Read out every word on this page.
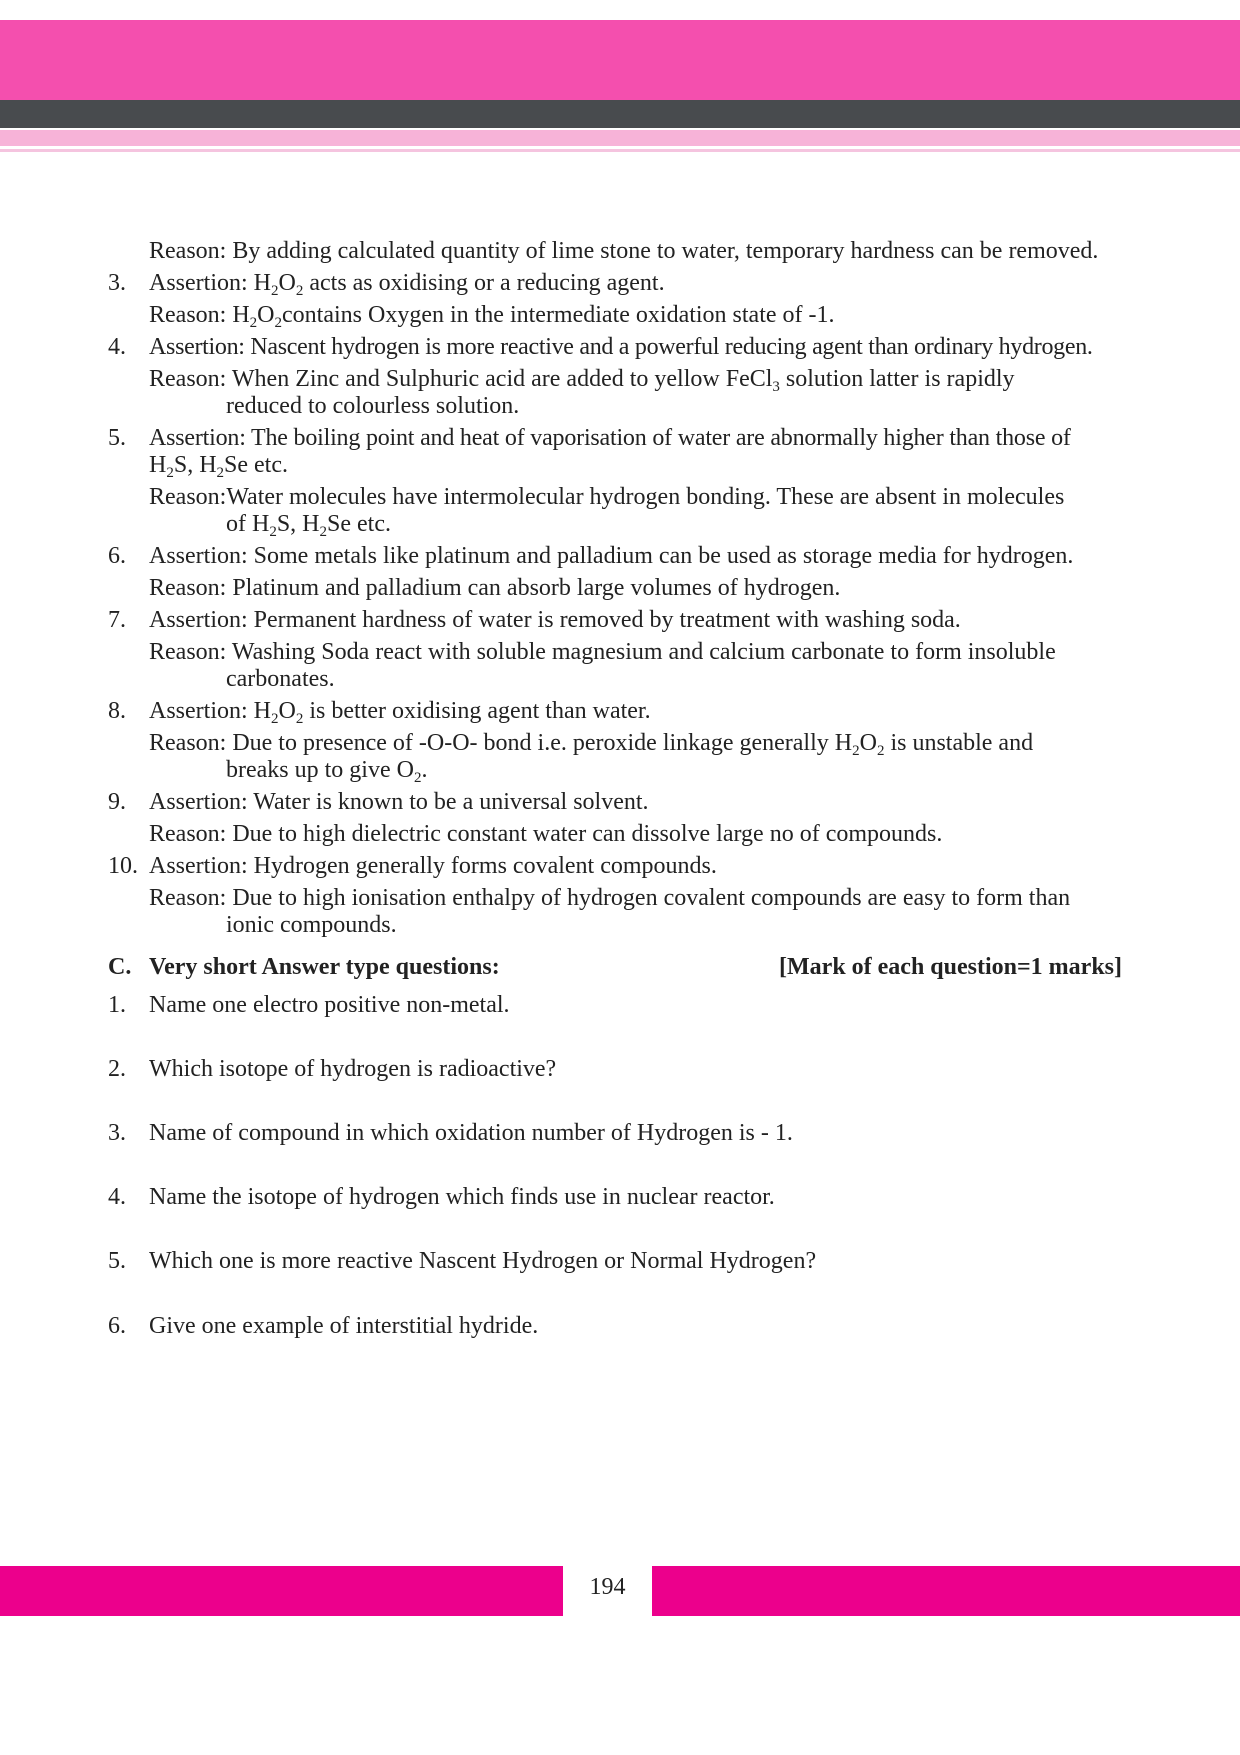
Reason: By adding calculated quantity of lime stone to water, temporary hardness can be removed.
3. Assertion: $H_2O_2$ acts as oxidising or a reducing agent.
Reason: $H_2O_2contains$ Oxygen in the intermediate oxidation state of -1.
4. Assertion: Nascent hydrogen is more reactive and a powerful reducing agent than ordinary hydrogen.
Reason: When Zinc and Sulphuric acid are added to yellow FeCl$_3$ solution latter is rapidly
reduced to colourless solution.
5. Assertion: The boiling point and heat of vaporisation of water are abnormally higher than those of
$H_2S$, $H_2Se$ etc.
Reason:Water molecules have intermolecular hydrogen bonding. These are absent in molecules
of $H_2S$, $H_2Se$ etc.
6. Assertion: Some metals like platinum and palladium can be used as storage media for hydrogen.
Reason: Platinum and palladium can absorb large volumes of hydrogen.
7. Assertion: Permanent hardness of water is removed by treatment with washing soda.
Reason: Washing Soda react with soluble magnesium and calcium carbonate to form insoluble
carbonates.
8. Assertion: $H_2O_2$ is better oxidising agent than water.
Reason: Due to presence of -O-O- bond i.e. peroxide linkage generally $H_2O_2$ is unstable and
breaks up to give $O_2$.
9. Assertion: Water is known to be a universal solvent.
Reason: Due to high dielectric constant water can dissolve large no of compounds.
10. Assertion: Hydrogen generally forms covalent compounds.
Reason: Due to high ionisation enthalpy of hydrogen covalent compounds are easy to form than
ionic compounds.
C. Very short Answer type questions:	[Mark of each question=1 marks]
1. Name one electro positive non-metal.
2. Which isotope of hydrogen is radioactive?
3. Name of compound in which oxidation number of Hydrogen is - 1.
4. Name the isotope of hydrogen which finds use in nuclear reactor.
5. Which one is more reactive Nascent Hydrogen or Normal Hydrogen?
6. Give one example of interstitial hydride.
194
